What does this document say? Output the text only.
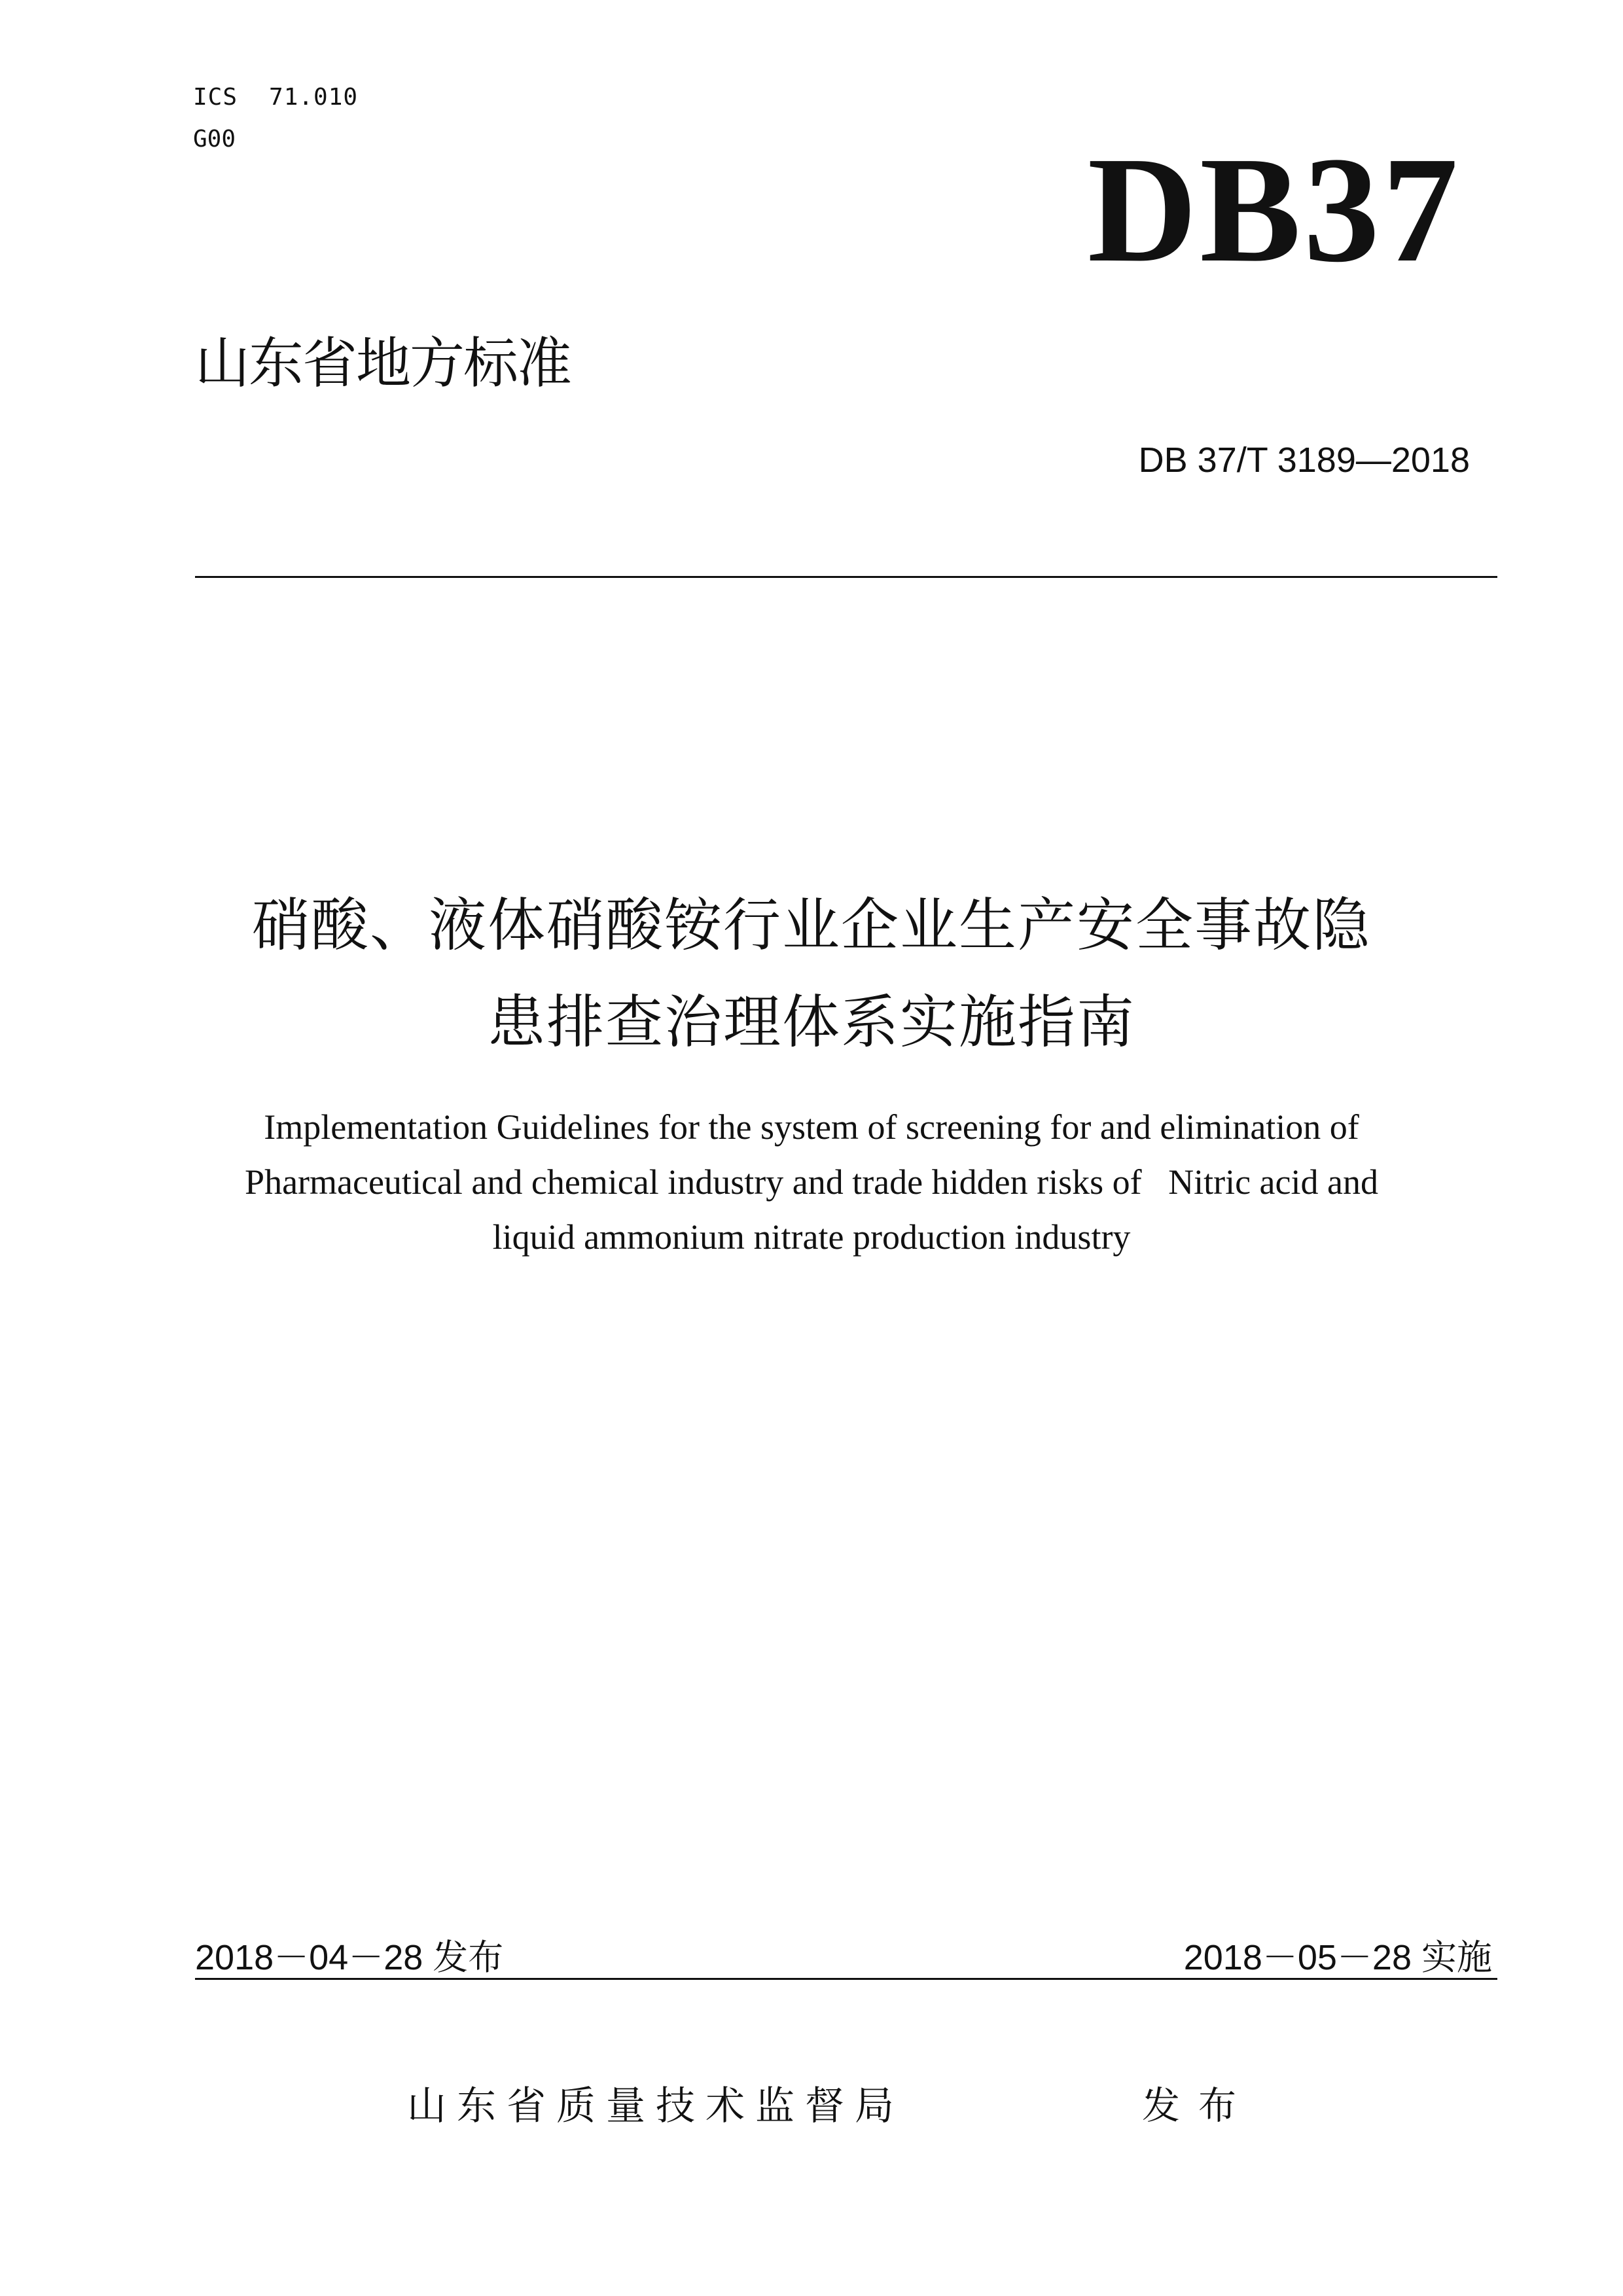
ICS 71.010
G00	DB37
山东省地方标准
DB 37/T 3189—2018
硝酸、液体硝酸铵行业企业生产安全事故隐
患排查治理体系实施指南
Implementation Guidelines for the system of screening for and elimination of
Pharmaceutical and chemical industry and trade hidden risks of   Nitric acid and
liquid ammonium nitrate production industry
2018－04－28 发布	2018－05－28 实施
山东省质量技术监督局	发布
